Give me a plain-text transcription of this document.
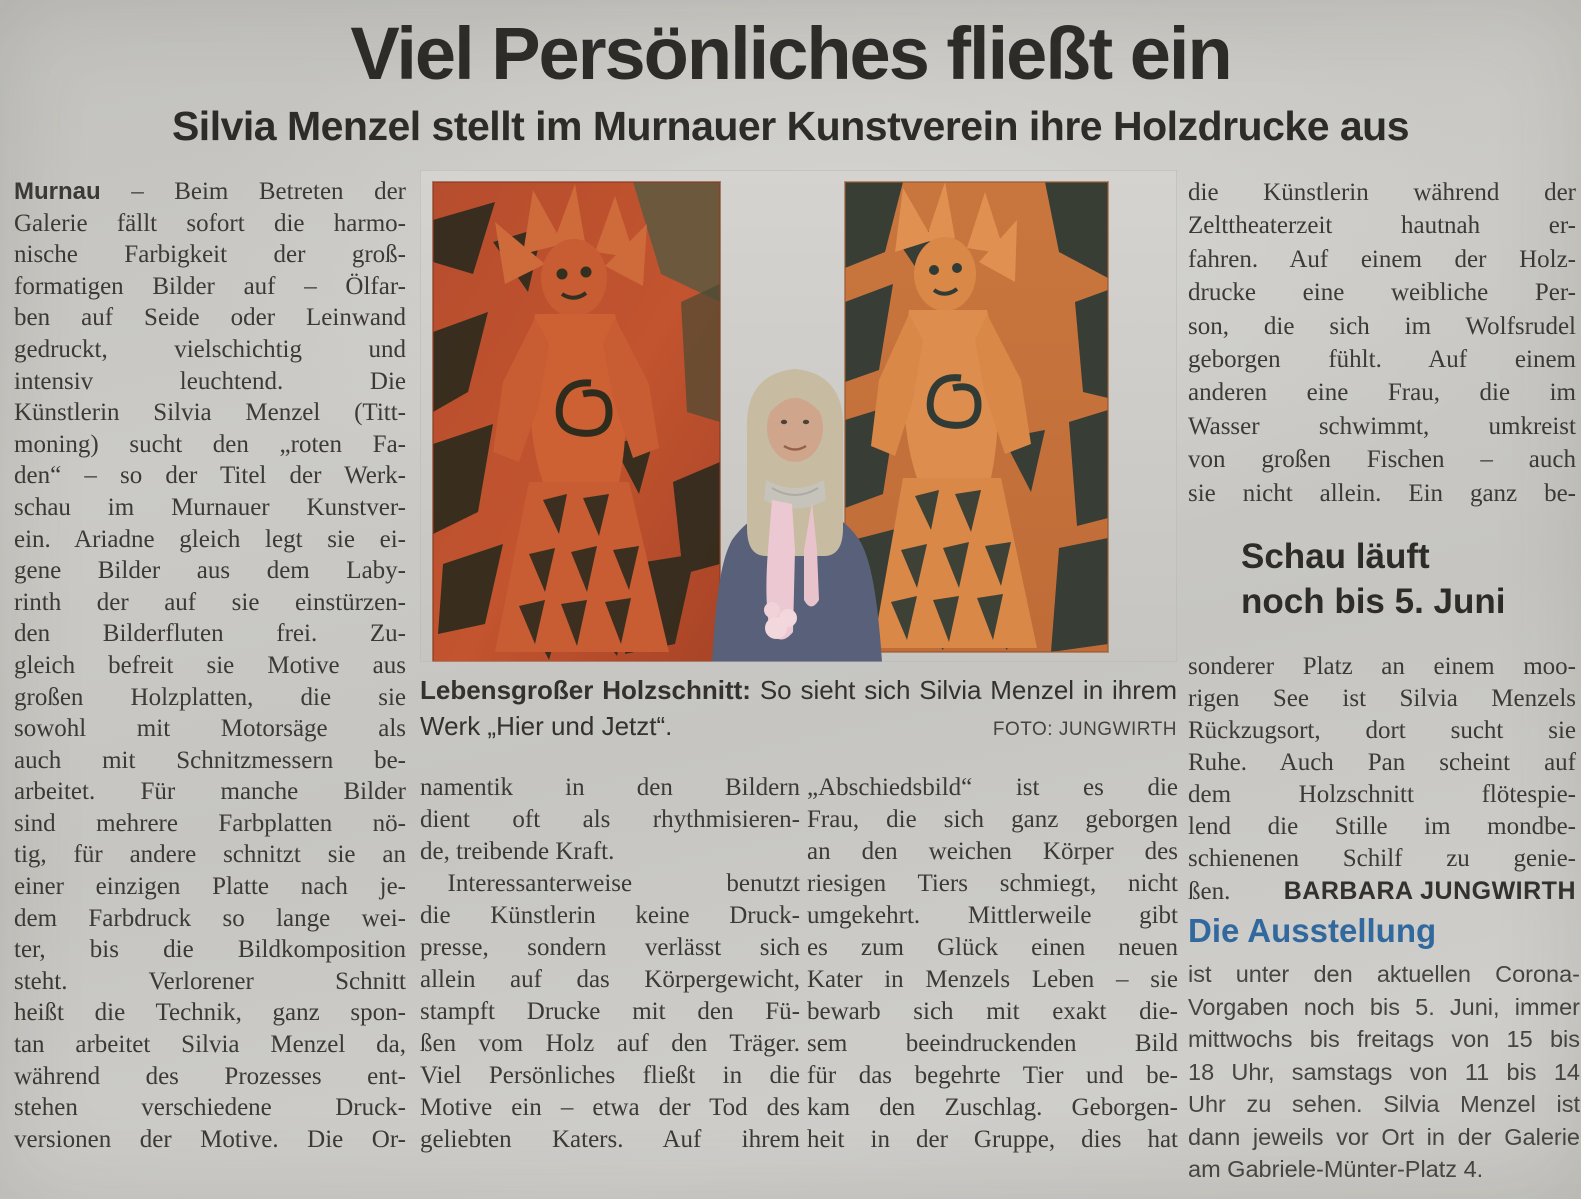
Viel Persönliches fließt ein
Silvia Menzel stellt im Murnauer Kunstverein ihre Holzdrucke aus
Murnau – Beim Betreten der
Galerie fällt sofort die harmo-
nische Farbigkeit der groß-
formatigen Bilder auf – Ölfar-
ben auf Seide oder Leinwand
gedruckt, vielschichtig und
intensiv leuchtend. Die
Künstlerin Silvia Menzel (Titt-
moning) sucht den „roten Fa-
den“ – so der Titel der Werk-
schau im Murnauer Kunstver-
ein. Ariadne gleich legt sie ei-
gene Bilder aus dem Laby-
rinth der auf sie einstürzen-
den Bilderfluten frei. Zu-
gleich befreit sie Motive aus
großen Holzplatten, die sie
sowohl mit Motorsäge als
auch mit Schnitzmessern be-
arbeitet. Für manche Bilder
sind mehrere Farbplatten nö-
tig, für andere schnitzt sie an
einer einzigen Platte nach je-
dem Farbdruck so lange wei-
ter, bis die Bildkomposition
steht. Verlorener Schnitt
heißt die Technik, ganz spon-
tan arbeitet Silvia Menzel da,
während des Prozesses ent-
stehen verschiedene Druck-
versionen der Motive. Die Or-
Lebensgroßer Holzschnitt: So sieht sich Silvia Menzel in ihrem
Werk „Hier und Jetzt“.	FOTO: JUNGWIRTH
namentik in den Bildern
dient oft als rhythmisieren-
de, treibende Kraft.
Interessanterweise benutzt
die Künstlerin keine Druck-
presse, sondern verlässt sich
allein auf das Körpergewicht,
stampft Drucke mit den Fü-
ßen vom Holz auf den Träger.
Viel Persönliches fließt in die
Motive ein – etwa der Tod des
geliebten Katers. Auf ihrem
„Abschiedsbild“ ist es die
Frau, die sich ganz geborgen
an den weichen Körper des
riesigen Tiers schmiegt, nicht
umgekehrt. Mittlerweile gibt
es zum Glück einen neuen
Kater in Menzels Leben – sie
bewarb sich mit exakt die-
sem beeindruckenden Bild
für das begehrte Tier und be-
kam den Zuschlag. Geborgen-
heit in der Gruppe, dies hat
die Künstlerin während der
Zelttheaterzeit hautnah er-
fahren. Auf einem der Holz-
drucke eine weibliche Per-
son, die sich im Wolfsrudel
geborgen fühlt. Auf einem
anderen eine Frau, die im
Wasser schwimmt, umkreist
von großen Fischen – auch
sie nicht allein. Ein ganz be-
Schau läuft
noch bis 5. Juni
sonderer Platz an einem moo-
rigen See ist Silvia Menzels
Rückzugsort, dort sucht sie
Ruhe. Auch Pan scheint auf
dem Holzschnitt flötespie-
lend die Stille im mondbe-
schienenen Schilf zu genie-
ßen. BARBARA JUNGWIRTH
Die Ausstellung
ist unter den aktuellen Corona-
Vorgaben noch bis 5. Juni, immer
mittwochs bis freitags von 15 bis
18 Uhr, samstags von 11 bis 14
Uhr zu sehen. Silvia Menzel ist
dann jeweils vor Ort in der Galerie
am Gabriele-Münter-Platz 4.
